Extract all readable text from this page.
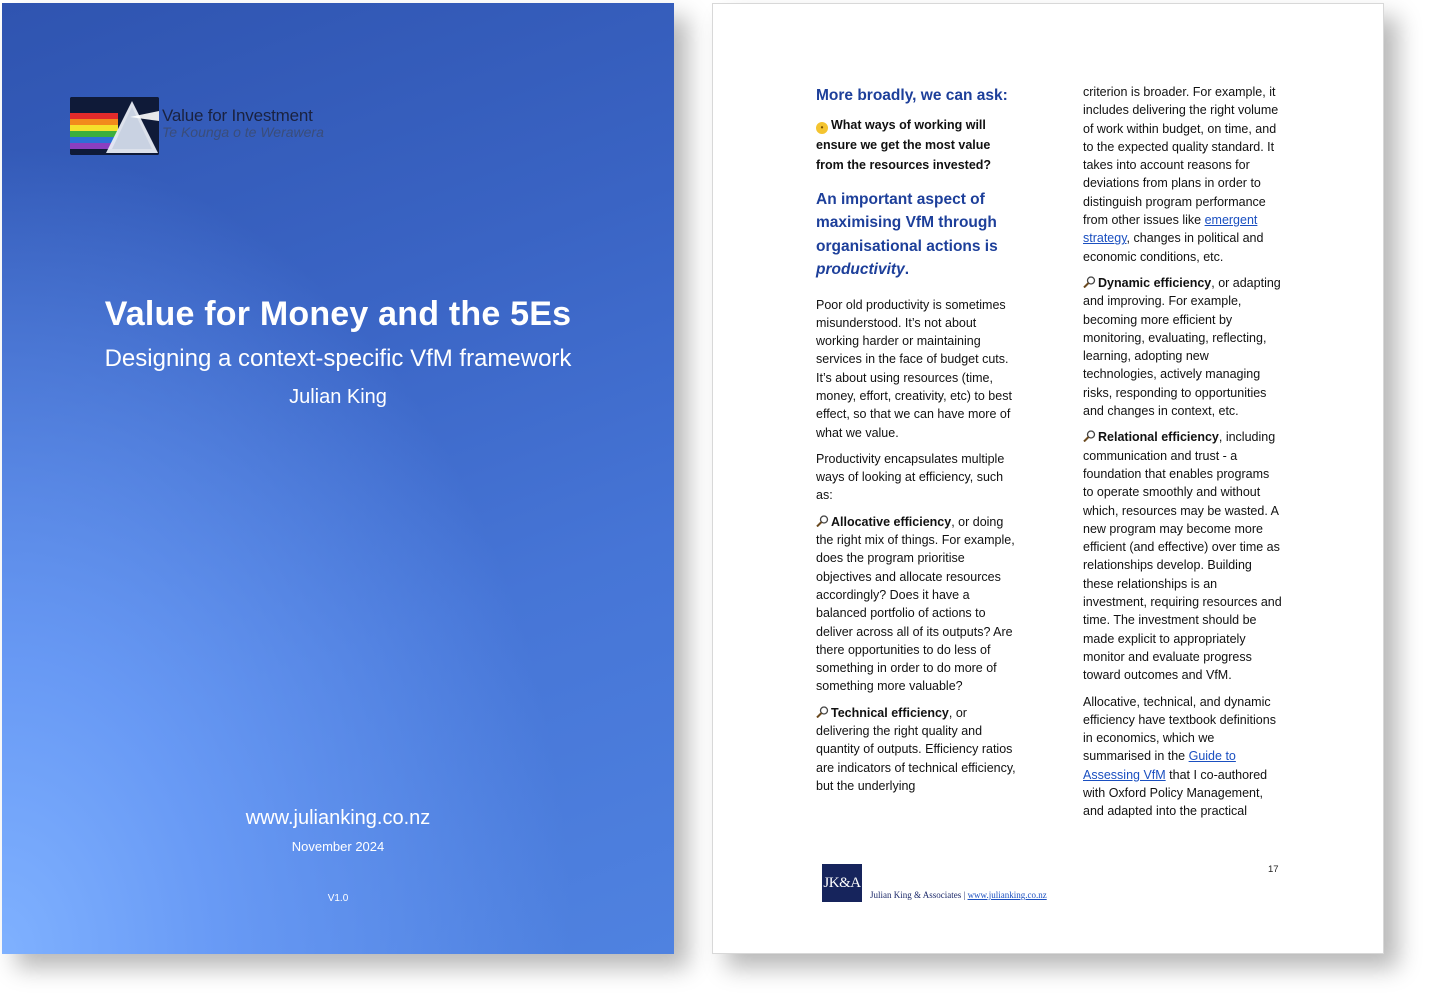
Value for Investment
Te Kounga o te Werawera
Value for Money and the 5Es
Designing a context-specific VfM framework
Julian King
www.julianking.co.nz
November 2024
V1.0
More broadly, we can ask:
• What ways of working will ensure we get the most value from the resources invested?
An important aspect of maximising VfM through organisational actions is productivity.

Poor old productivity is sometimes misunderstood. It’s not about working harder or maintaining services in the face of budget cuts. It’s about using resources (time, money, effort, creativity, etc) to best effect, so that we can have more of what we value.

Productivity encapsulates multiple ways of looking at efficiency, such as:

Allocative efficiency, or doing the right mix of things. For example, does the program prioritise objectives and allocate resources accordingly? Does it have a balanced portfolio of actions to deliver across all of its outputs? Are there opportunities to do less of something in order to do more of something more valuable?

Technical efficiency, or delivering the right quality and quantity of outputs. Efficiency ratios are indicators of technical efficiency, but the underlying

criterion is broader. For example, it includes delivering the right volume of work within budget, on time, and to the expected quality standard. It takes into account reasons for deviations from plans in order to distinguish program performance from other issues like emergent strategy, changes in political and economic conditions, etc.

Dynamic efficiency, or adapting and improving. For example, becoming more efficient by monitoring, evaluating, reflecting, learning, adopting new technologies, actively managing risks, responding to opportunities and changes in context, etc.

Relational efficiency, including communication and trust - a foundation that enables programs to operate smoothly and without which, resources may be wasted. A new program may become more efficient (and effective) over time as relationships develop. Building these relationships is an investment, requiring resources and time. The investment should be made explicit to appropriately monitor and evaluate progress toward outcomes and VfM.

Allocative, technical, and dynamic efficiency have textbook definitions in economics, which we summarised in the Guide to Assessing VfM that I co-authored with Oxford Policy Management, and adapted into the practical

17
JK&A
Julian King & Associates | www.julianking.co.nz
